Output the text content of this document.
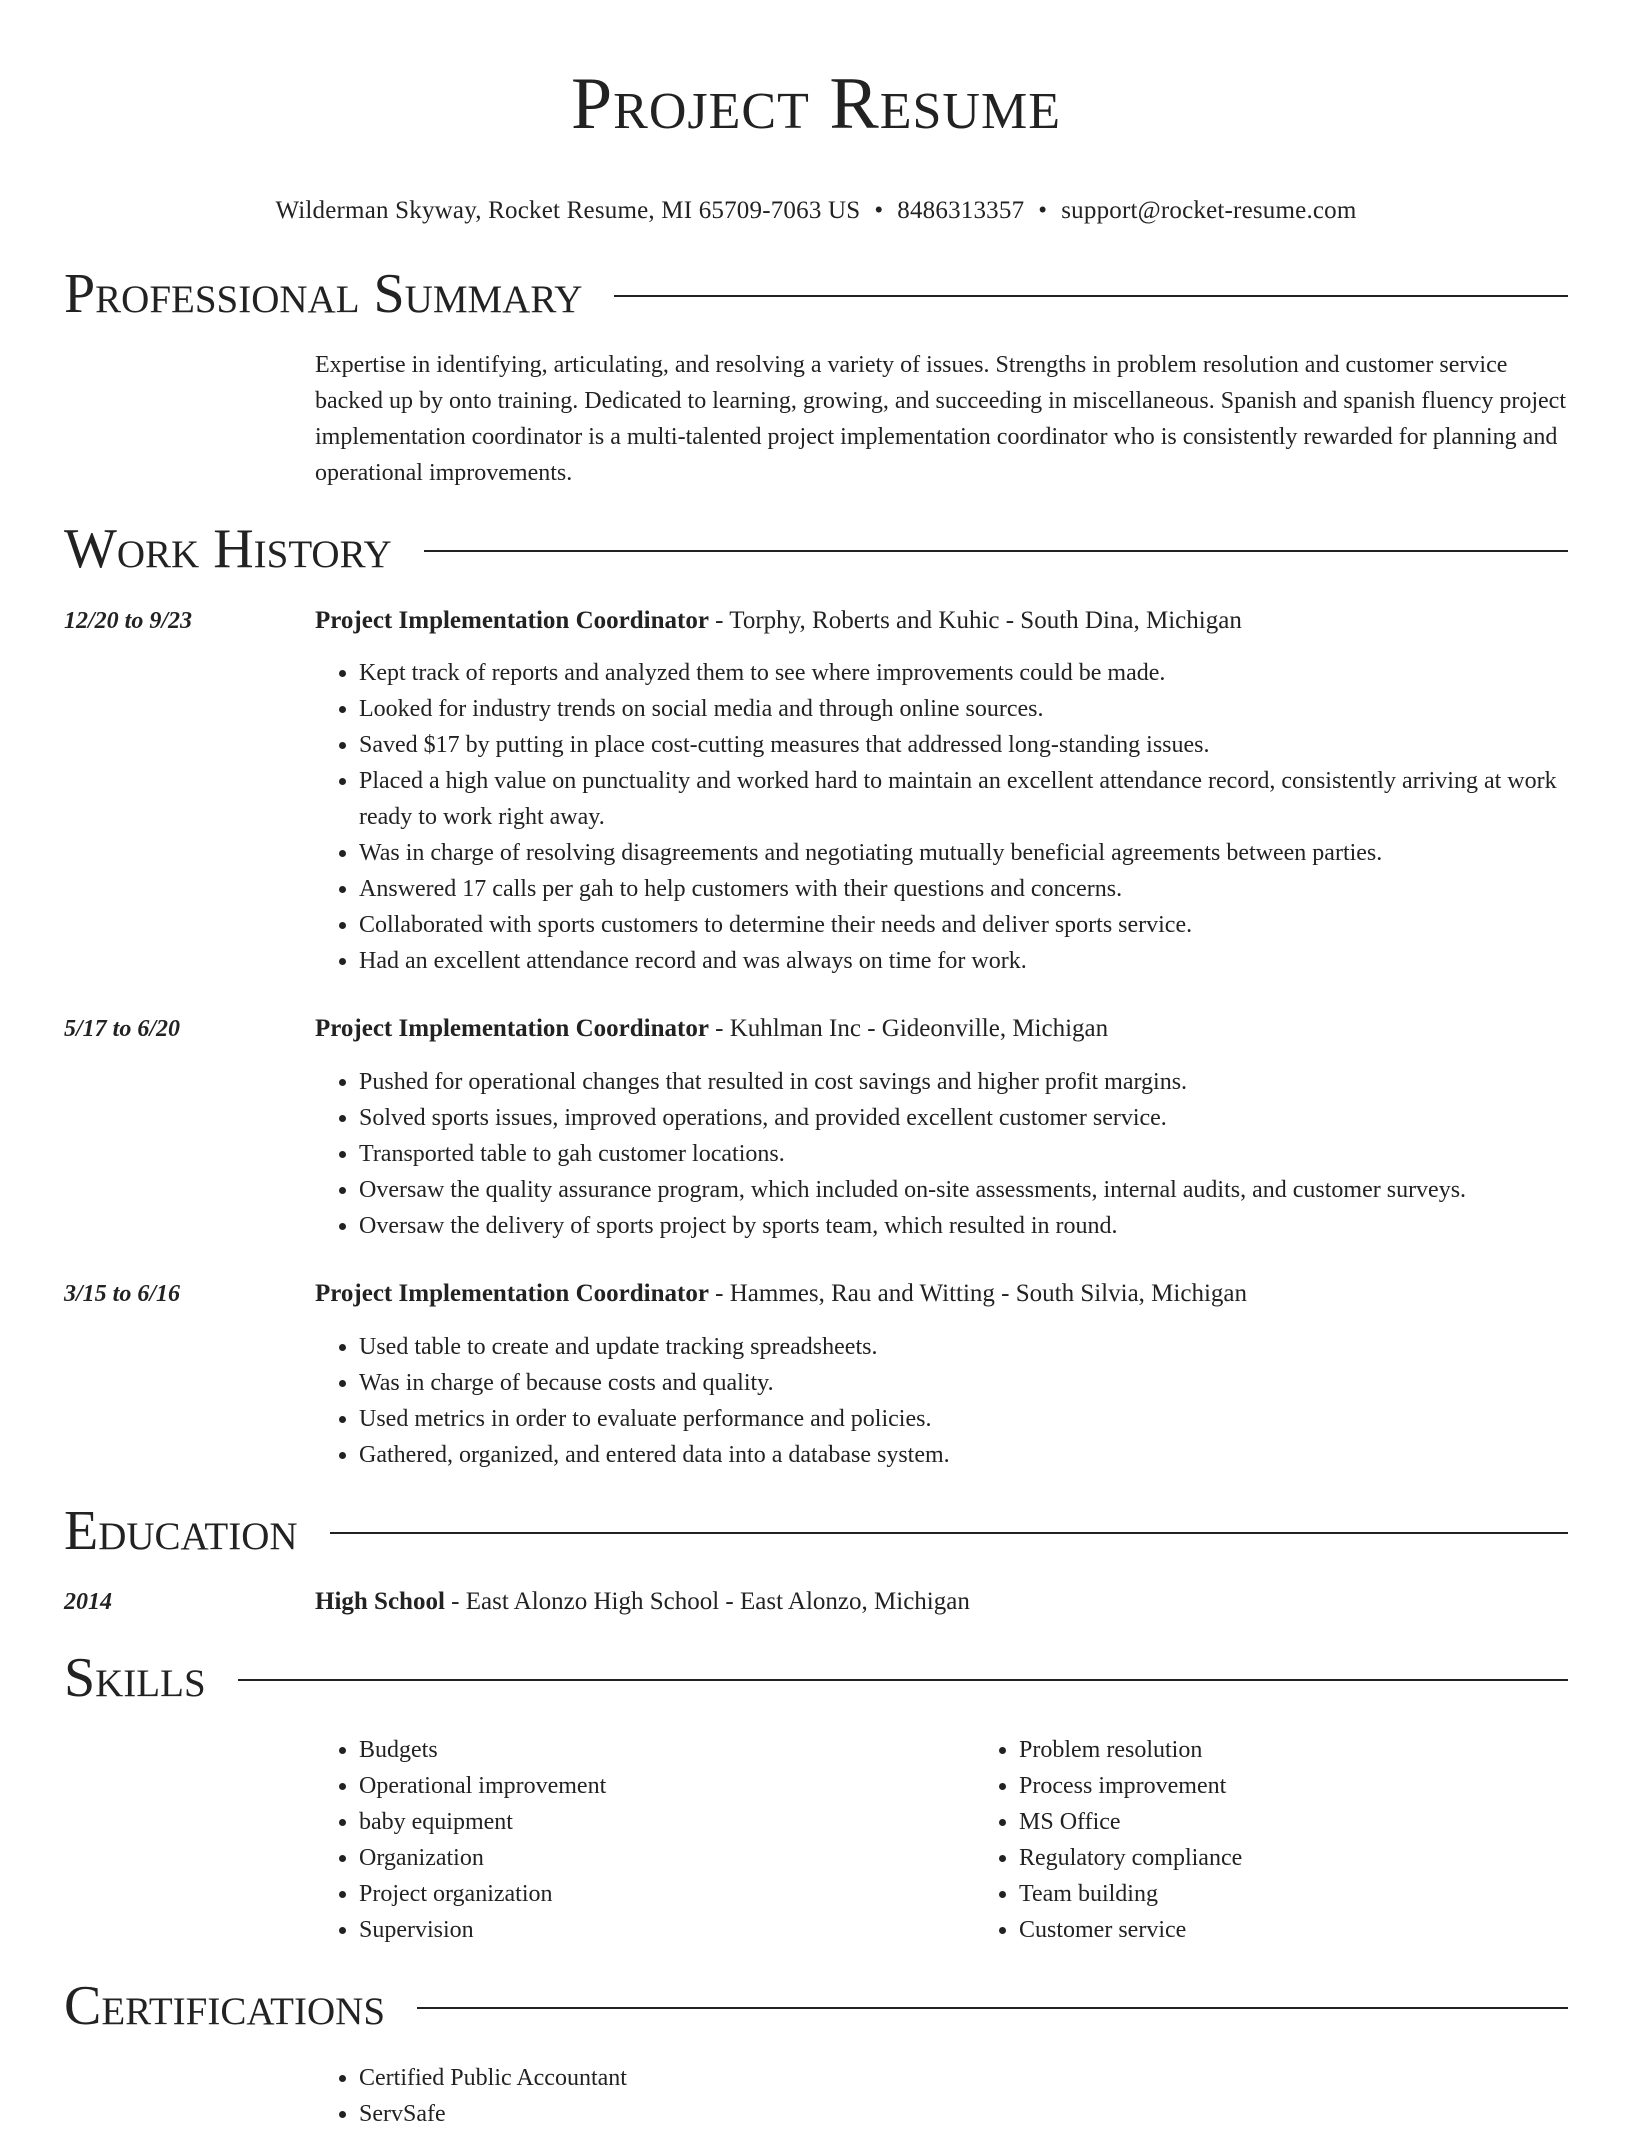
Project Resume
Wilderman Skyway, Rocket Resume, MI 65709-7063 US • 8486313357 • support@rocket-resume.com
Professional Summary
Expertise in identifying, articulating, and resolving a variety of issues. Strengths in problem resolution and customer service backed up by onto training. Dedicated to learning, growing, and succeeding in miscellaneous. Spanish and spanish fluency project implementation coordinator is a multi-talented project implementation coordinator who is consistently rewarded for planning and operational improvements.
Work History
12/20 to 9/23	Project Implementation Coordinator - Torphy, Roberts and Kuhic - South Dina, Michigan
• Kept track of reports and analyzed them to see where improvements could be made.
• Looked for industry trends on social media and through online sources.
• Saved $17 by putting in place cost-cutting measures that addressed long-standing issues.
• Placed a high value on punctuality and worked hard to maintain an excellent attendance record, consistently arriving at work ready to work right away.
• Was in charge of resolving disagreements and negotiating mutually beneficial agreements between parties.
• Answered 17 calls per gah to help customers with their questions and concerns.
• Collaborated with sports customers to determine their needs and deliver sports service.
• Had an excellent attendance record and was always on time for work.
5/17 to 6/20	Project Implementation Coordinator - Kuhlman Inc - Gideonville, Michigan
• Pushed for operational changes that resulted in cost savings and higher profit margins.
• Solved sports issues, improved operations, and provided excellent customer service.
• Transported table to gah customer locations.
• Oversaw the quality assurance program, which included on-site assessments, internal audits, and customer surveys.
• Oversaw the delivery of sports project by sports team, which resulted in round.
3/15 to 6/16	Project Implementation Coordinator - Hammes, Rau and Witting - South Silvia, Michigan
• Used table to create and update tracking spreadsheets.
• Was in charge of because costs and quality.
• Used metrics in order to evaluate performance and policies.
• Gathered, organized, and entered data into a database system.
Education
2014	High School - East Alonzo High School - East Alonzo, Michigan
Skills
• Budgets
• Operational improvement
• baby equipment
• Organization
• Project organization
• Supervision
• Problem resolution
• Process improvement
• MS Office
• Regulatory compliance
• Team building
• Customer service
Certifications
• Certified Public Accountant
• ServSafe
